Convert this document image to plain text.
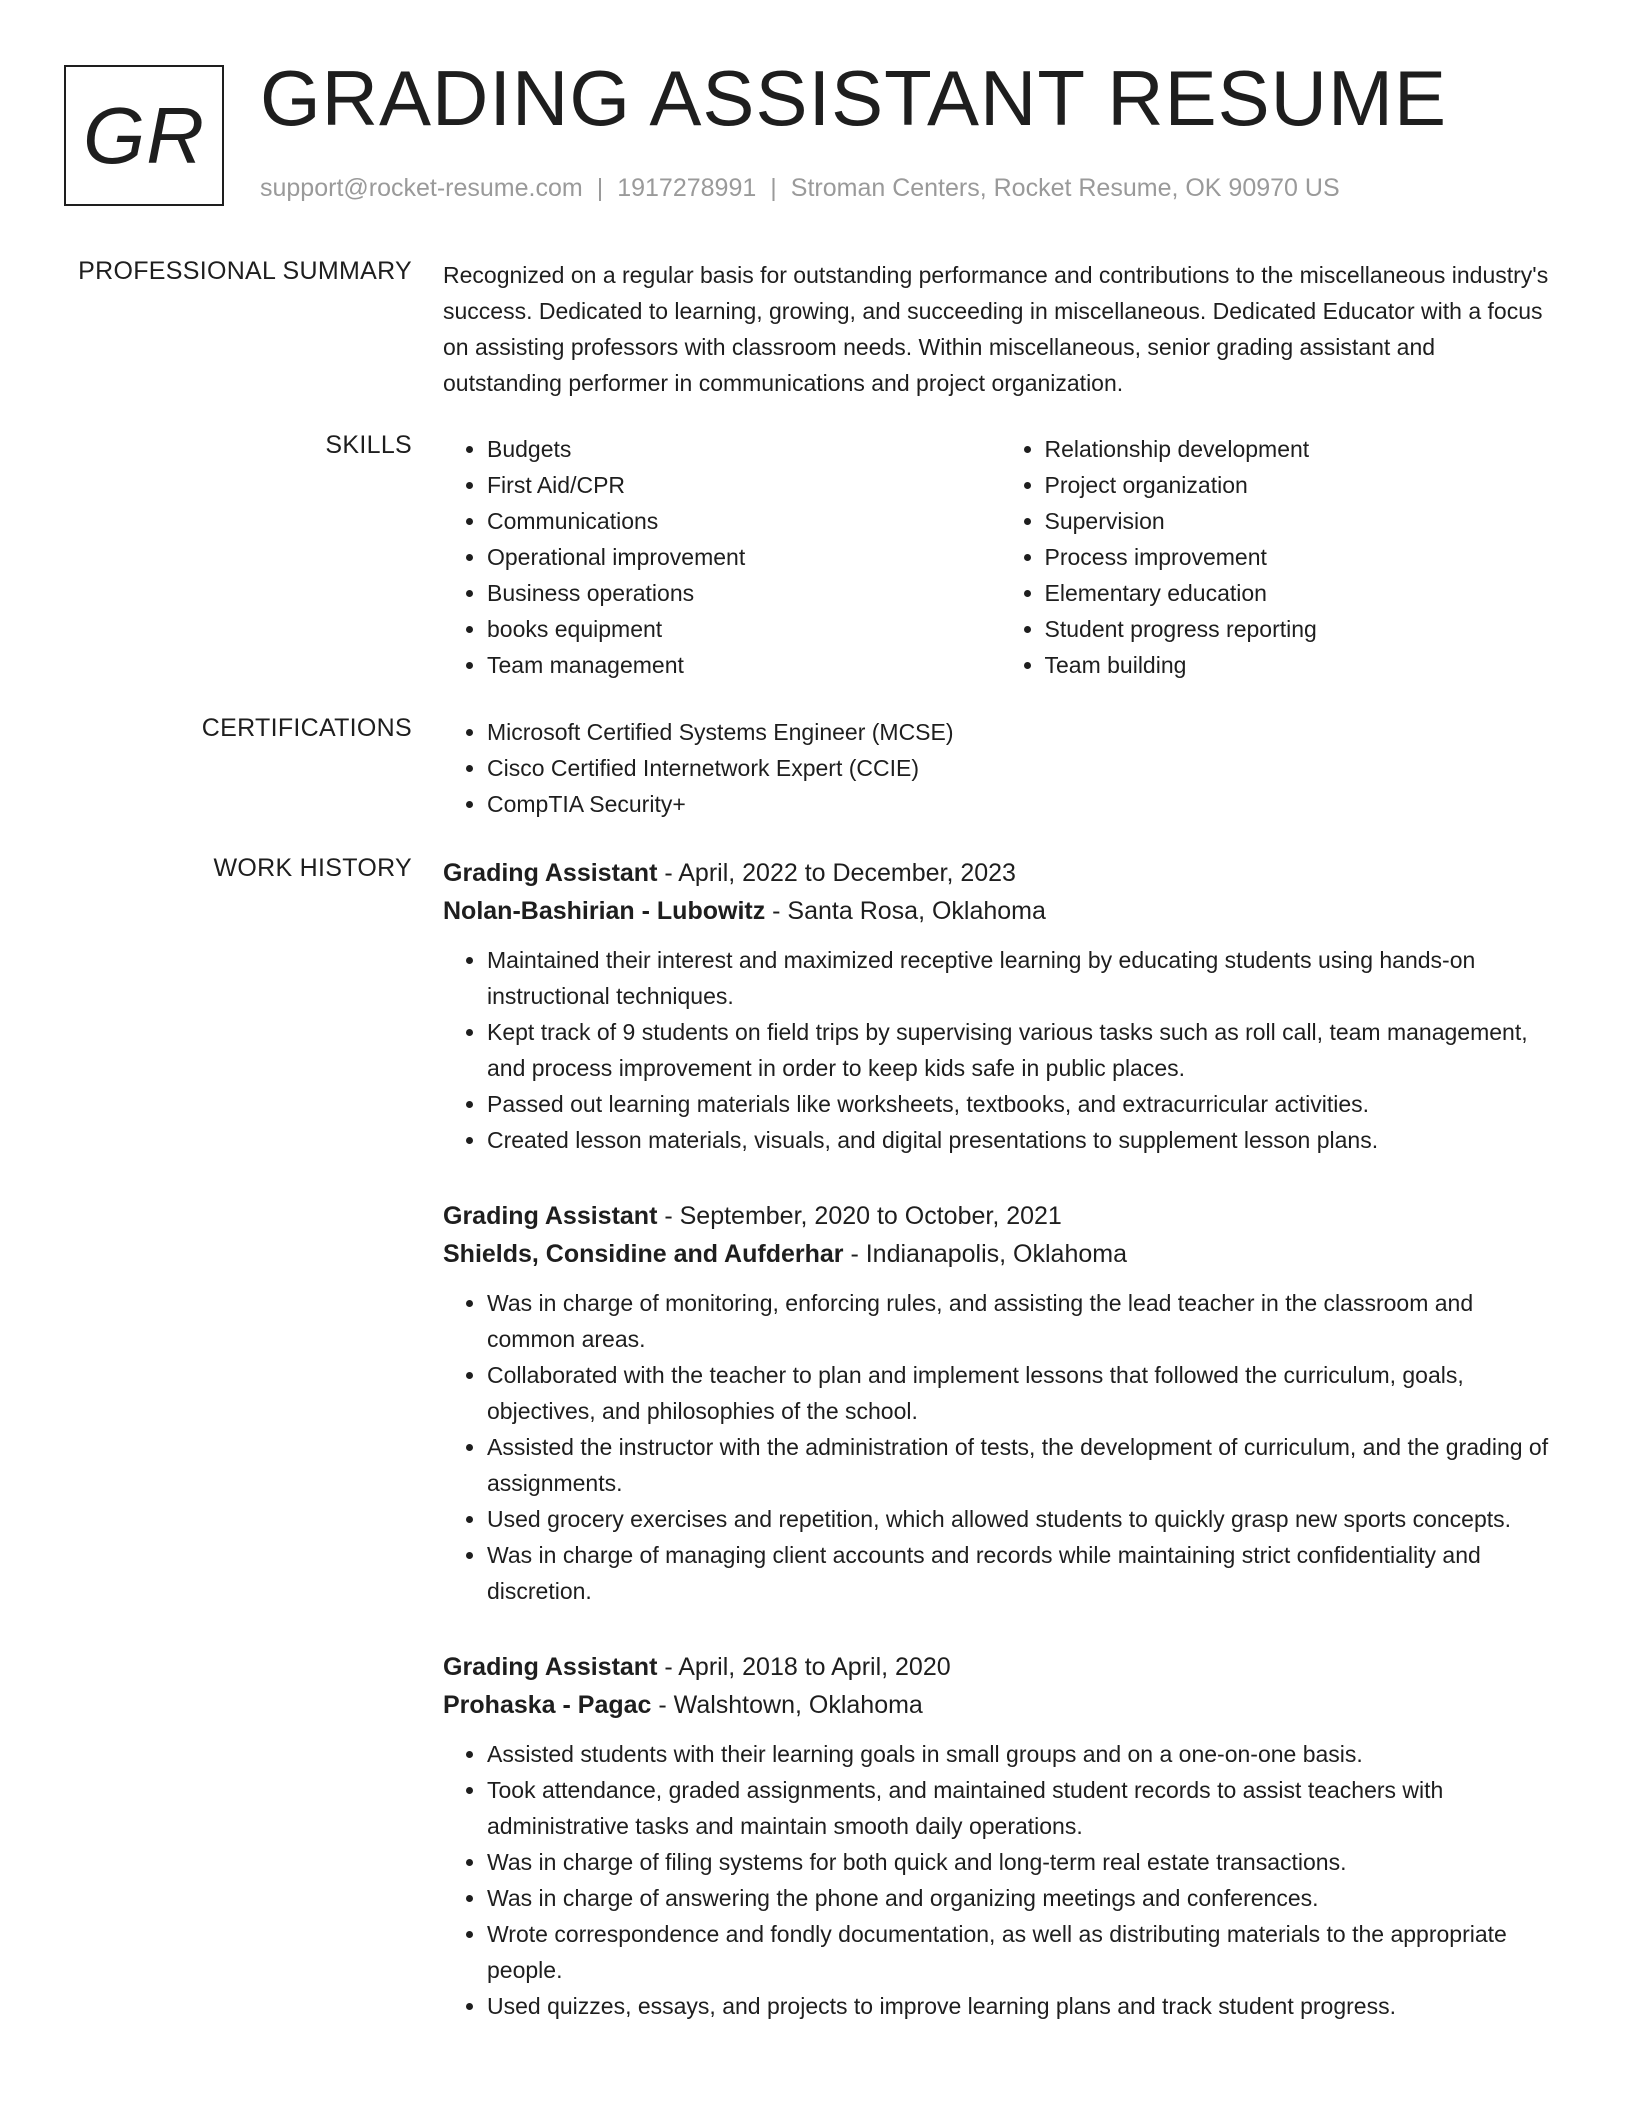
GR GRADING ASSISTANT RESUME
support@rocket-resume.com | 1917278991 | Stroman Centers, Rocket Resume, OK 90970 US
PROFESSIONAL SUMMARY Recognized on a regular basis for outstanding performance and contributions to the miscellaneous industry's success. Dedicated to learning, growing, and succeeding in miscellaneous. Dedicated Educator with a focus on assisting professors with classroom needs. Within miscellaneous, senior grading assistant and outstanding performer in communications and project organization.
SKILLS	• Budgets
• First Aid/CPR
• Communications
• Operational improvement
• Business operations
• books equipment
• Team management
• Relationship development
• Project organization
• Supervision
• Process improvement
• Elementary education
• Student progress reporting
• Team building
CERTIFICATIONS	• Microsoft Certified Systems Engineer (MCSE)
• Cisco Certified Internetwork Expert (CCIE)
• CompTIA Security+
WORK HISTORY Grading Assistant - April, 2022 to December, 2023
Nolan-Bashirian - Lubowitz - Santa Rosa, Oklahoma
• Maintained their interest and maximized receptive learning by educating students using hands-on instructional techniques.
• Kept track of 9 students on field trips by supervising various tasks such as roll call, team management, and process improvement in order to keep kids safe in public places.
• Passed out learning materials like worksheets, textbooks, and extracurricular activities.
• Created lesson materials, visuals, and digital presentations to supplement lesson plans.
Grading Assistant - September, 2020 to October, 2021
Shields, Considine and Aufderhar - Indianapolis, Oklahoma
• Was in charge of monitoring, enforcing rules, and assisting the lead teacher in the classroom and common areas.
• Collaborated with the teacher to plan and implement lessons that followed the curriculum, goals, objectives, and philosophies of the school.
• Assisted the instructor with the administration of tests, the development of curriculum, and the grading of assignments.
• Used grocery exercises and repetition, which allowed students to quickly grasp new sports concepts.
• Was in charge of managing client accounts and records while maintaining strict confidentiality and discretion.
Grading Assistant - April, 2018 to April, 2020
Prohaska - Pagac - Walshtown, Oklahoma
• Assisted students with their learning goals in small groups and on a one-on-one basis.
• Took attendance, graded assignments, and maintained student records to assist teachers with administrative tasks and maintain smooth daily operations.
• Was in charge of filing systems for both quick and long-term real estate transactions.
• Was in charge of answering the phone and organizing meetings and conferences.
• Wrote correspondence and fondly documentation, as well as distributing materials to the appropriate people.
• Used quizzes, essays, and projects to improve learning plans and track student progress.
